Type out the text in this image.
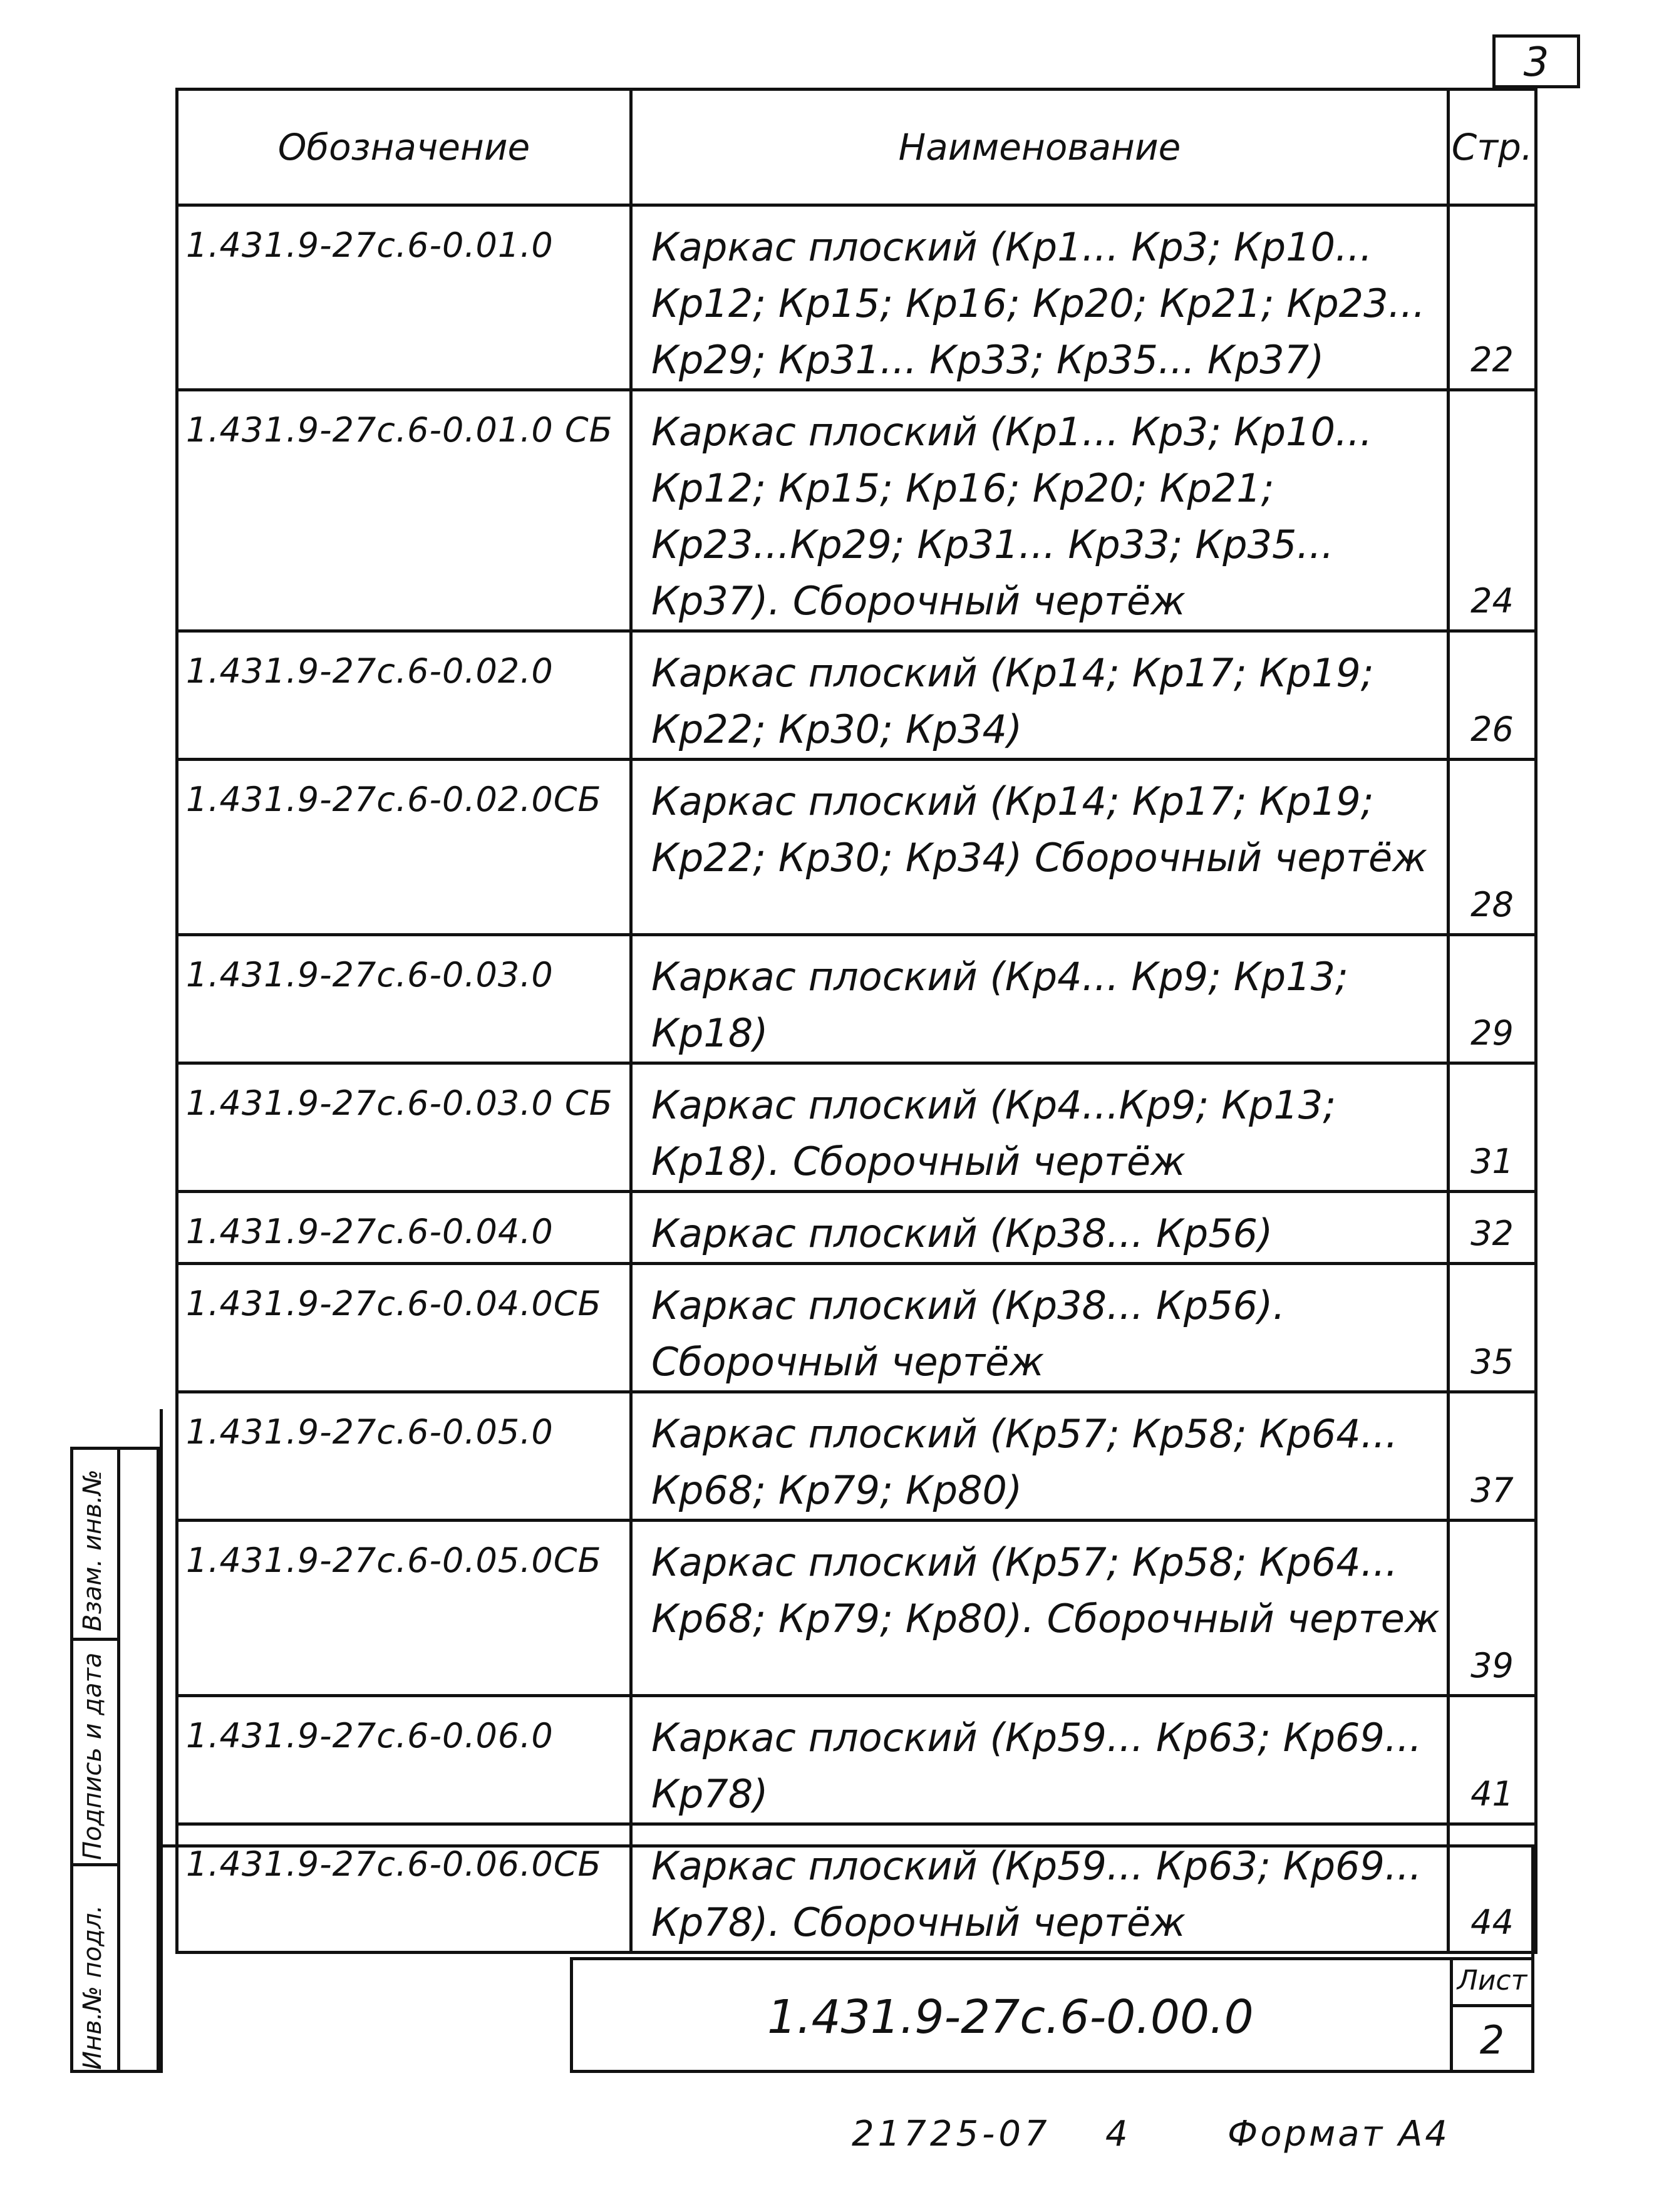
3
Обозначение	Наименование	Стр.
1.431.9-27с.6-0.01.0	Каркас плоский (Кр1... Кр3; Кр10... Кр12; Кр15; Кр16; Кр20; Кр21; Кр23... Кр29; Кр31... Кр33; Кр35... Кр37)	22
1.431.9-27с.6-0.01.0 СБ	Каркас плоский (Кр1... Кр3; Кр10... Кр12; Кр15; Кр16; Кр20; Кр21; Кр23...Кр29; Кр31... Кр33; Кр35... Кр37). Сборочный чертёж	24
1.431.9-27с.6-0.02.0	Каркас плоский (Кр14; Кр17; Кр19; Кр22; Кр30; Кр34)	26
1.431.9-27с.6-0.02.0СБ	Каркас плоский (Кр14; Кр17; Кр19; Кр22; Кр30; Кр34) Сборочный чертёж	28
1.431.9-27с.6-0.03.0	Каркас плоский (Кр4... Кр9; Кр13; Кр18)	29
1.431.9-27с.6-0.03.0 СБ	Каркас плоский (Кр4...Кр9; Кр13; Кр18). Сборочный чертёж	31
1.431.9-27с.6-0.04.0	Каркас плоский (Кр38... Кр56)	32
1.431.9-27с.6-0.04.0СБ	Каркас плоский (Кр38... Кр56). Сборочный чертёж	35
1.431.9-27с.6-0.05.0	Каркас плоский (Кр57; Кр58; Кр64... Кр68; Кр79; Кр80)	37
1.431.9-27с.6-0.05.0СБ	Каркас плоский (Кр57; Кр58; Кр64... Кр68; Кр79; Кр80). Сборочный чертеж	39
1.431.9-27с.6-0.06.0	Каркас плоский (Кр59... Кр63; Кр69... Кр78)	41
1.431.9-27с.6-0.06.0СБ	Каркас плоский (Кр59... Кр63; Кр69... Кр78). Сборочный чертёж	44
Взам. инв.№
Подпись и дата
Инв.№ подл.	1.431.9-27с.6-0.00.0
Лист
2
21725-07 4	Формат А4
